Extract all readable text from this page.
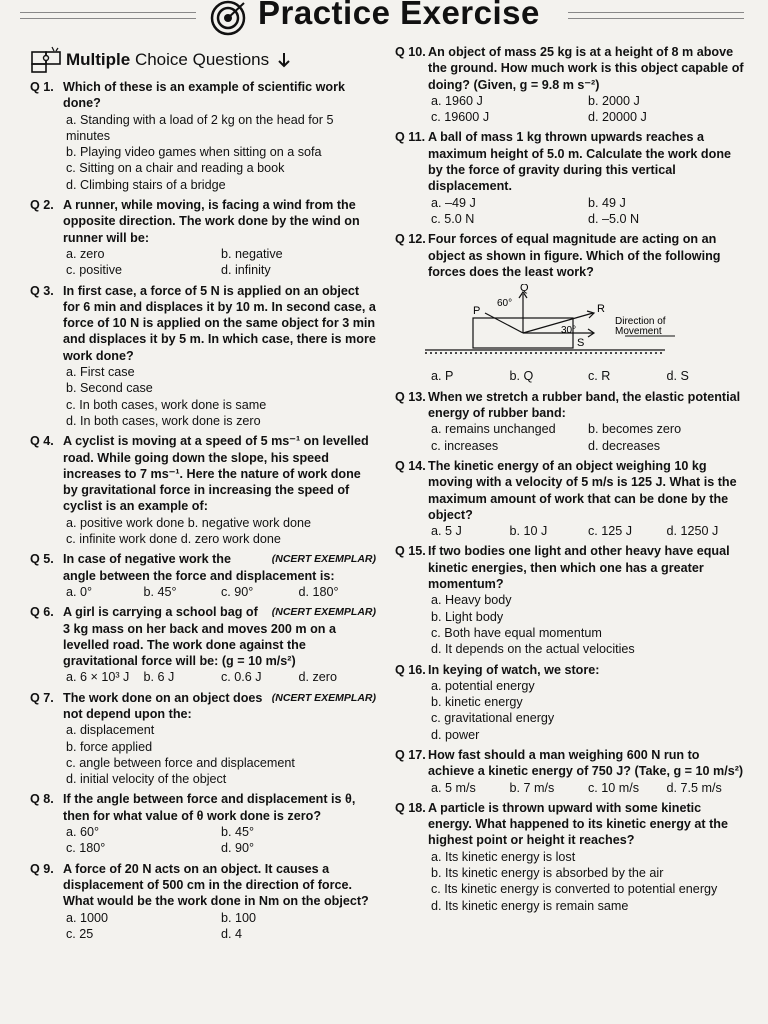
Practice Exercise
Multiple Choice Questions
Q 1. Which of these is an example of scientific work done?
a. Standing with a load of 2 kg on the head for 5 minutes
b. Playing video games when sitting on a sofa
c. Sitting on a chair and reading a book
d. Climbing stairs of a bridge
Q 2. A runner, while moving, is facing a wind from the opposite direction. The work done by the wind on runner will be:
a. zero	b. negative
c. positive	d. infinity
Q 3. In first case, a force of 5 N is applied on an object for 6 min and displaces it by 10 m. In second case, a force of 10 N is applied on the same object for 3 min and displaces it by 5 m. In which case, there is more work done?
a. First case
b. Second case
c. In both cases, work done is same
d. In both cases, work done is zero
Q 4. A cyclist is moving at a speed of 5 ms⁻¹ on levelled road. While going down the slope, his speed increases to 7 ms⁻¹. Here the nature of work done by gravitational force in increasing the speed of cyclist is an example of:
a. positive work done b. negative work done
c. infinite work done d. zero work done
Q 5.	(NCERT EXEMPLAR)
In case of negative work the angle between the force and displacement is:
a. 0°	b. 45°	c. 90°	d. 180°
Q 6.	(NCERT EXEMPLAR)
A girl is carrying a school bag of 3 kg mass on her back and moves 200 m on a levelled road. The work done against the gravitational force will be: (g = 10 m/s²)
a. 6 × 10³ J	b. 6 J	c. 0.6 J	d. zero
Q 7.	(NCERT EXEMPLAR)
The work done on an object does not depend upon the:
a. displacement
b. force applied
c. angle between force and displacement
d. initial velocity of the object
Q 8. If the angle between force and displacement is θ, then for what value of θ work done is zero?
a. 60°	b. 45°
c. 180°	d. 90°
Q 9. A force of 20 N acts on an object. It causes a displacement of 500 cm in the direction of force. What would be the work done in Nm on the object?
a. 1000	b. 100
c. 25	d. 4
Q 10. An object of mass 25 kg is at a height of 8 m above the ground. How much work is this object capable of doing? (Given, g = 9.8 m s⁻²)
a. 1960 J	b. 2000 J
c. 19600 J	d. 20000 J
Q 11. A ball of mass 1 kg thrown upwards reaches a maximum height of 5.0 m. Calculate the work done by the force of gravity during this vertical displacement.
a. –49 J	b. 49 J
c. 5.0 N	d. –5.0 N
Q 12. Four forces of equal magnitude are acting on an object as shown in figure. Which of the following forces does the least work?
P
Q
R
S
60°
30°
Direction of
Movement
a. P	b. Q	c. R	d. S
Q 13. When we stretch a rubber band, the elastic potential energy of rubber band:
a. remains unchanged	b. becomes zero
c. increases	d. decreases
Q 14. The kinetic energy of an object weighing 10 kg moving with a velocity of 5 m/s is 125 J. What is the maximum amount of work that can be done by the object?
a. 5 J	b. 10 J	c. 125 J	d. 1250 J
Q 15. If two bodies one light and other heavy have equal kinetic energies, then which one has a greater momentum?
a. Heavy body
b. Light body
c. Both have equal momentum
d. It depends on the actual velocities
Q 16. In keying of watch, we store:
a. potential energy
b. kinetic energy
c. gravitational energy
d. power
Q 17. How fast should a man weighing 600 N run to achieve a kinetic energy of 750 J? (Take, g = 10 m/s²)
a. 5 m/s	b. 7 m/s	c. 10 m/s	d. 7.5 m/s
Q 18. A particle is thrown upward with some kinetic energy. What happened to its kinetic energy at the highest point or height it reaches?
a. Its kinetic energy is lost
b. Its kinetic energy is absorbed by the air
c. Its kinetic energy is converted to potential energy
d. Its kinetic energy is remain same
